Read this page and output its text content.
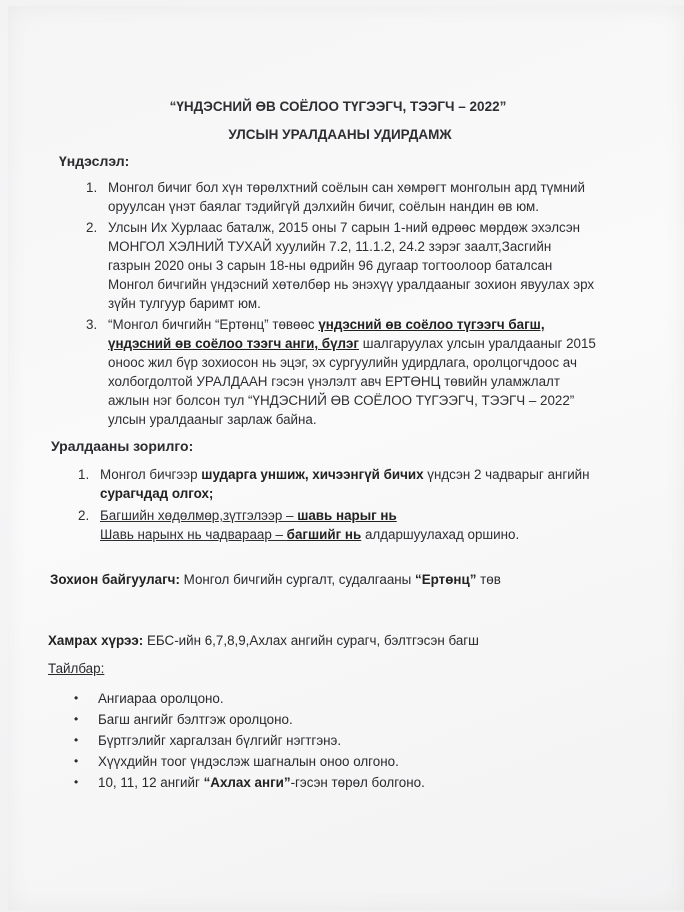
“ҮНДЭСНИЙ ӨВ СОЁЛОО ТҮГЭЭГЧ, ТЭЭГЧ – 2022”
УЛСЫН УРАЛДААНЫ УДИРДАМЖ
Үндэслэл:
1. Монгол бичиг бол хүн төрөлхтний соёлын сан хөмрөгт монголын ард түмний
оруулсан үнэт баялаг тэдийгүй дэлхийн бичиг, соёлын нандин өв юм.
2. Улсын Их Хурлаас баталж, 2015 оны 7 сарын 1-ний өдрөөс мөрдөж эхэлсэн
МОНГОЛ ХЭЛНИЙ ТУХАЙ хуулийн 7.2, 11.1.2, 24.2 зэрэг заалт,Засгийн
газрын 2020 оны 3 сарын 18-ны өдрийн 96 дугаар тогтоолоор баталсан
Монгол бичгийн үндэсний хөтөлбөр нь энэхүү уралдааныг зохион явуулах эрх
зүйн тулгуур баримт юм.
3. “Монгол бичгийн “Ертөнц” төвөөс үндэсний өв соёлоо түгээгч багш,
үндэсний өв соёлоо тээгч анги, бүлэг шалгаруулах улсын уралдааныг 2015
оноос жил бүр зохиосон нь эцэг, эх сургуулийн удирдлага, оролцогчдоос ач
холбогдолтой УРАЛДААН гэсэн үнэлэлт авч ЕРТӨНЦ төвийн уламжлалт
ажлын нэг болсон тул “ҮНДЭСНИЙ ӨВ СОЁЛОО ТҮГЭЭГЧ, ТЭЭГЧ – 2022”
улсын уралдааныг зарлаж байна.
Уралдааны зорилго:
1. Монгол бичгээр шударга уншиж, хичээнгүй бичих үндсэн 2 чадварыг ангийн
сурагчдад олгох;
2. Багшийн хөдөлмөр,зүтгэлээр – шавь нарыг нь
Шавь нарынх нь чадвараар – багшийг нь алдаршуулахад оршино.
Зохион байгуулагч: Монгол бичгийн сургалт, судалгааны “Ертөнц” төв
Хамрах хүрээ: ЕБС-ийн 6,7,8,9,Ахлах ангийн сурагч, бэлтгэсэн багш
Тайлбар:
• Ангиараа оролцоно.
• Багш ангийг бэлтгэж оролцоно.
• Бүртгэлийг харгалзан бүлгийг нэгтгэнэ.
• Хүүхдийн тоог үндэслэж шагналын оноо олгоно.
• 10, 11, 12 ангийг “Ахлах анги”-гэсэн төрөл болгоно.
